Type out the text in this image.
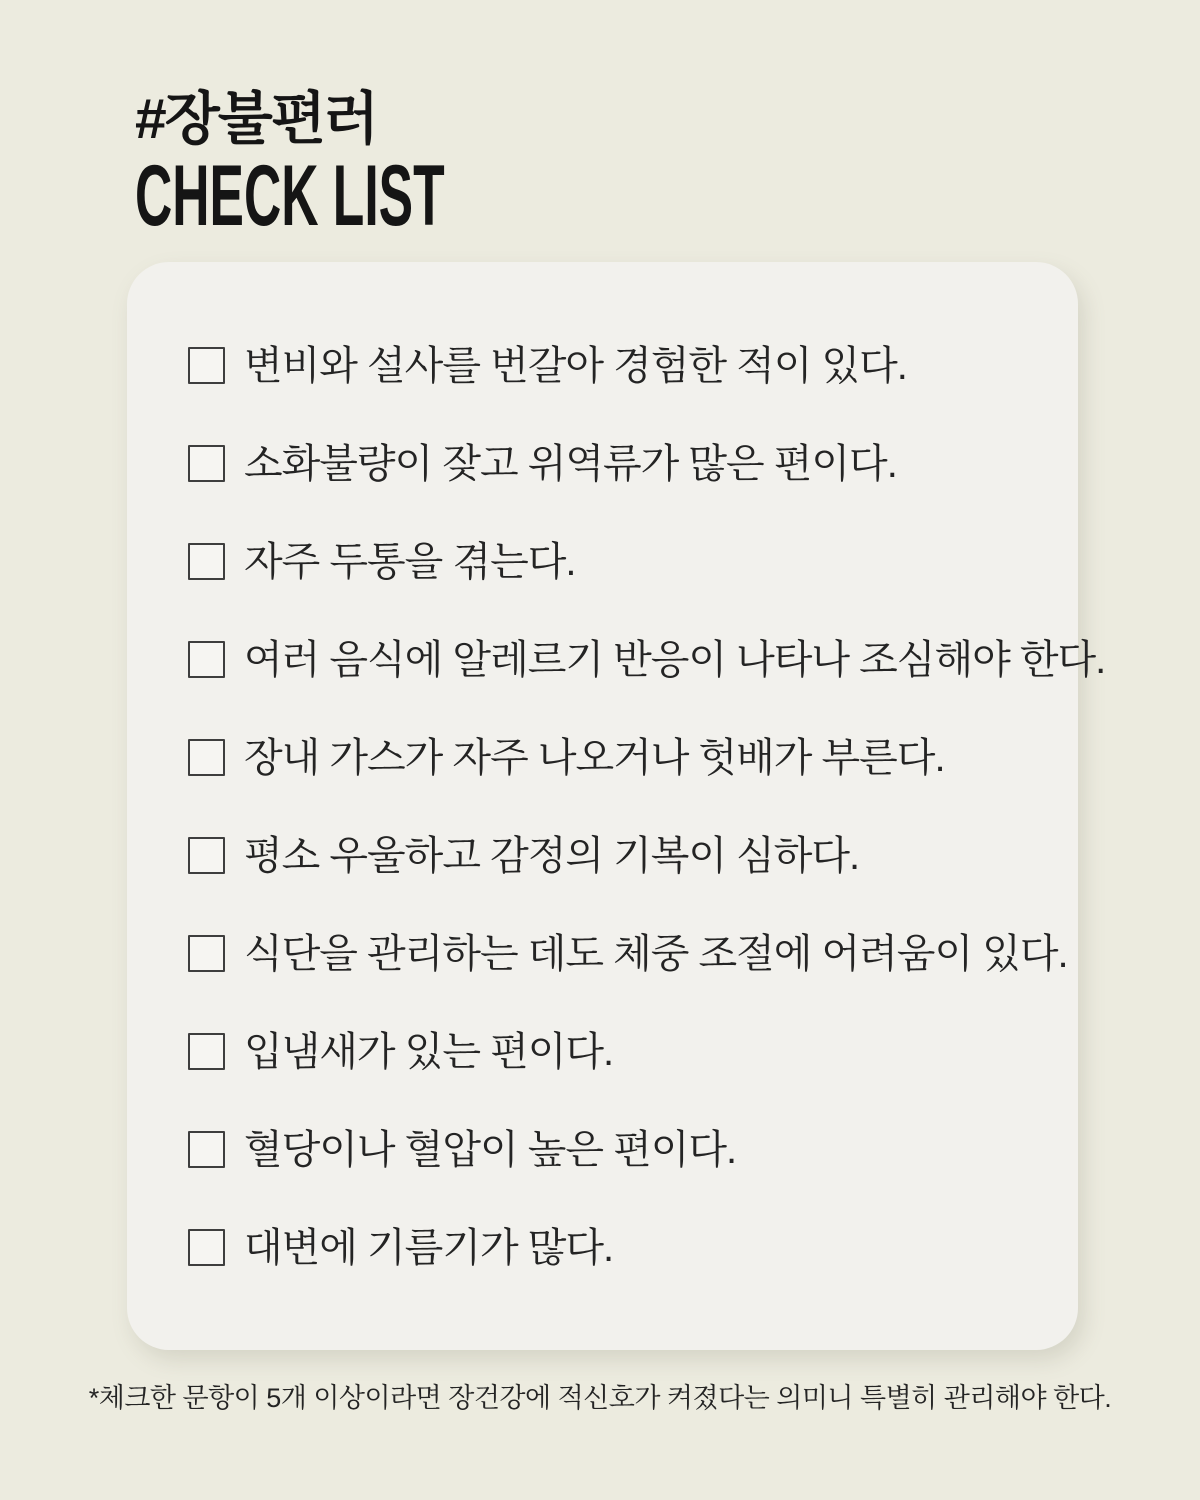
#장불편러
CHECK LIST
변비와 설사를 번갈아 경험한 적이 있다.
소화불량이 잦고 위역류가 많은 편이다.
자주 두통을 겪는다.
여러 음식에 알레르기 반응이 나타나 조심해야 한다.
장내 가스가 자주 나오거나 헛배가 부른다.
평소 우울하고 감정의 기복이 심하다.
식단을 관리하는 데도 체중 조절에 어려움이 있다.
입냄새가 있는 편이다.
혈당이나 혈압이 높은 편이다.
대변에 기름기가 많다.
*체크한 문항이 5개 이상이라면 장건강에 적신호가 켜졌다는 의미니 특별히 관리해야 한다.
